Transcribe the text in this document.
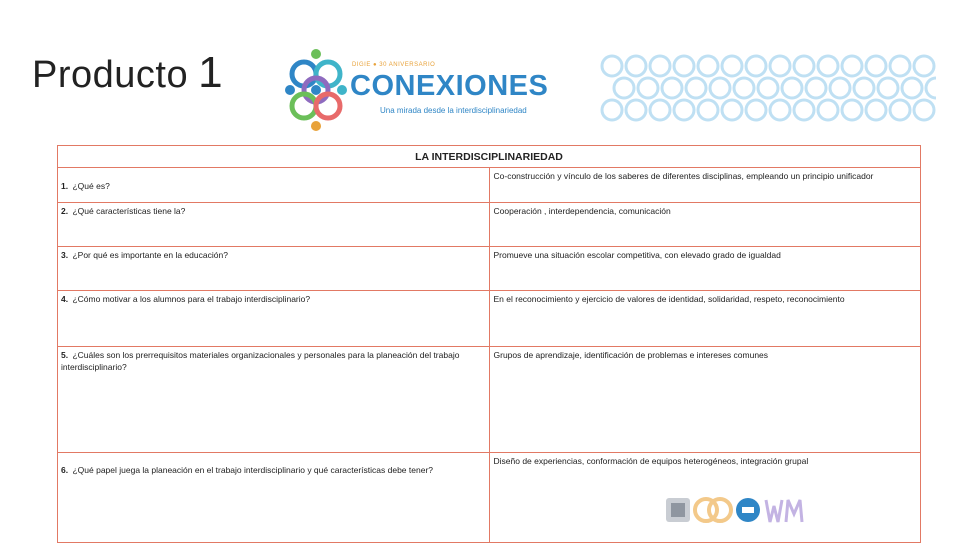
Producto 1	DIGIE ● 30 ANIVERSARIO
CONEXIONES
Una mirada desde la interdisciplinariedad
LA INTERDISCIPLINARIEDAD	
1. ¿Qué es?	Co-construcción y vínculo de los saberes de diferentes disciplinas, empleando un principio unificador
2. ¿Qué características tiene la?	Cooperación , interdependencia, comunicación
3. ¿Por qué es importante en la educación?	Promueve una situación escolar competitiva, con elevado grado de igualdad
4. ¿Cómo motivar a los alumnos para el trabajo interdisciplinario?	En el reconocimiento y ejercicio de valores de identidad, solidaridad, respeto, reconocimiento
5. ¿Cuáles son los prerrequisitos materiales organizacionales y personales para la planeación del trabajo interdisciplinario?	Grupos de aprendizaje, identificación de problemas e intereses comunes
6. ¿Qué papel juega la planeación en el trabajo interdisciplinario y qué características debe tener?	Diseño de experiencias, conformación de equipos heterogéneos, integración grupal
